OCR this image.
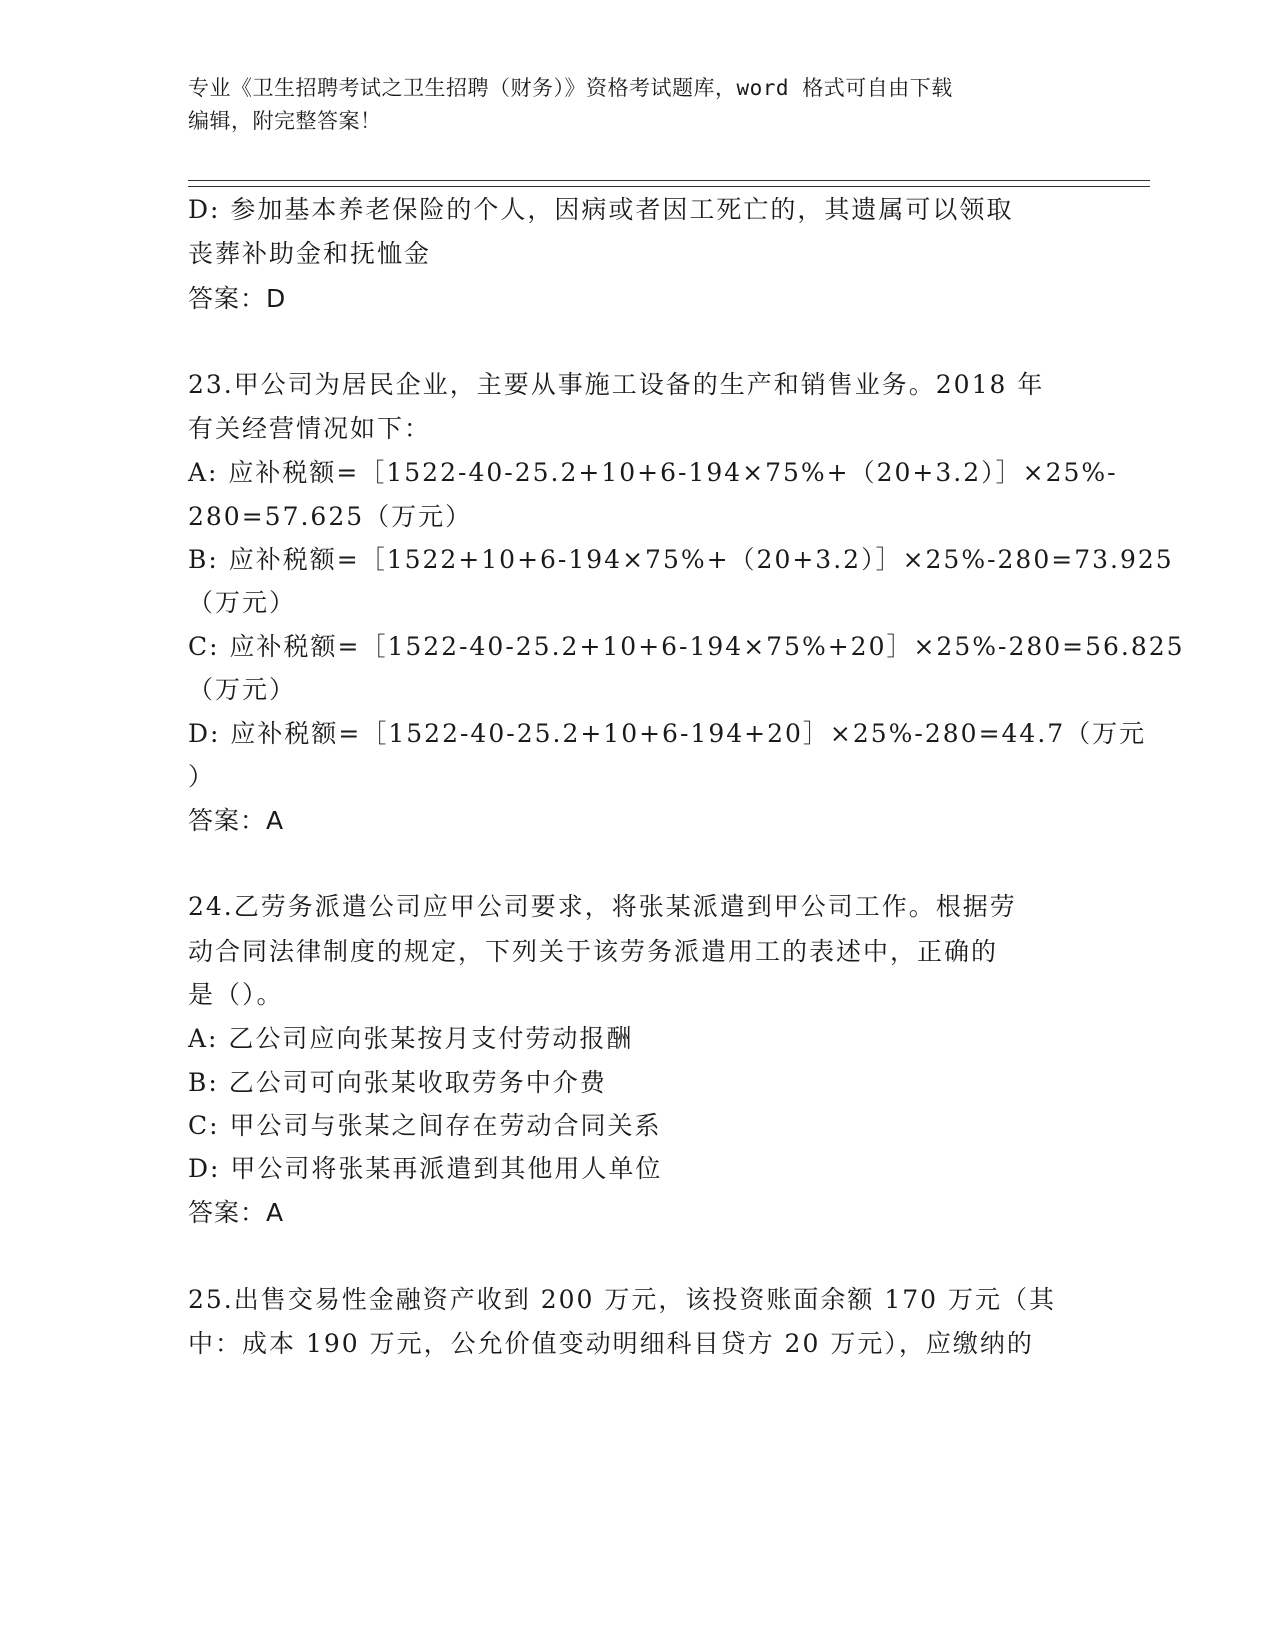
专业《卫生招聘考试之卫生招聘（财务）》资格考试题库，word 格式可自由下载
编辑，附完整答案！
D: 参加基本养老保险的个人，因病或者因工死亡的，其遗属可以领取
丧葬补助金和抚恤金
答案：D
23.甲公司为居民企业，主要从事施工设备的生产和销售业务。2018 年
有关经营情况如下：
A: 应补税额=［1522-40-25.2+10+6-194×75%+（20+3.2）］×25%-
280=57.625（万元）
B: 应补税额=［1522+10+6-194×75%+（20+3.2）］×25%-280=73.925
（万元）
C: 应补税额=［1522-40-25.2+10+6-194×75%+20］×25%-280=56.825
（万元）
D: 应补税额=［1522-40-25.2+10+6-194+20］×25%-280=44.7（万元
）
答案：A
24.乙劳务派遣公司应甲公司要求，将张某派遣到甲公司工作。根据劳
动合同法律制度的规定，下列关于该劳务派遣用工的表述中，正确的
是（）。
A: 乙公司应向张某按月支付劳动报酬
B: 乙公司可向张某收取劳务中介费
C: 甲公司与张某之间存在劳动合同关系
D: 甲公司将张某再派遣到其他用人单位
答案：A
25.出售交易性金融资产收到 200 万元，该投资账面余额 170 万元（其
中：成本 190 万元，公允价值变动明细科目贷方 20 万元），应缴纳的
